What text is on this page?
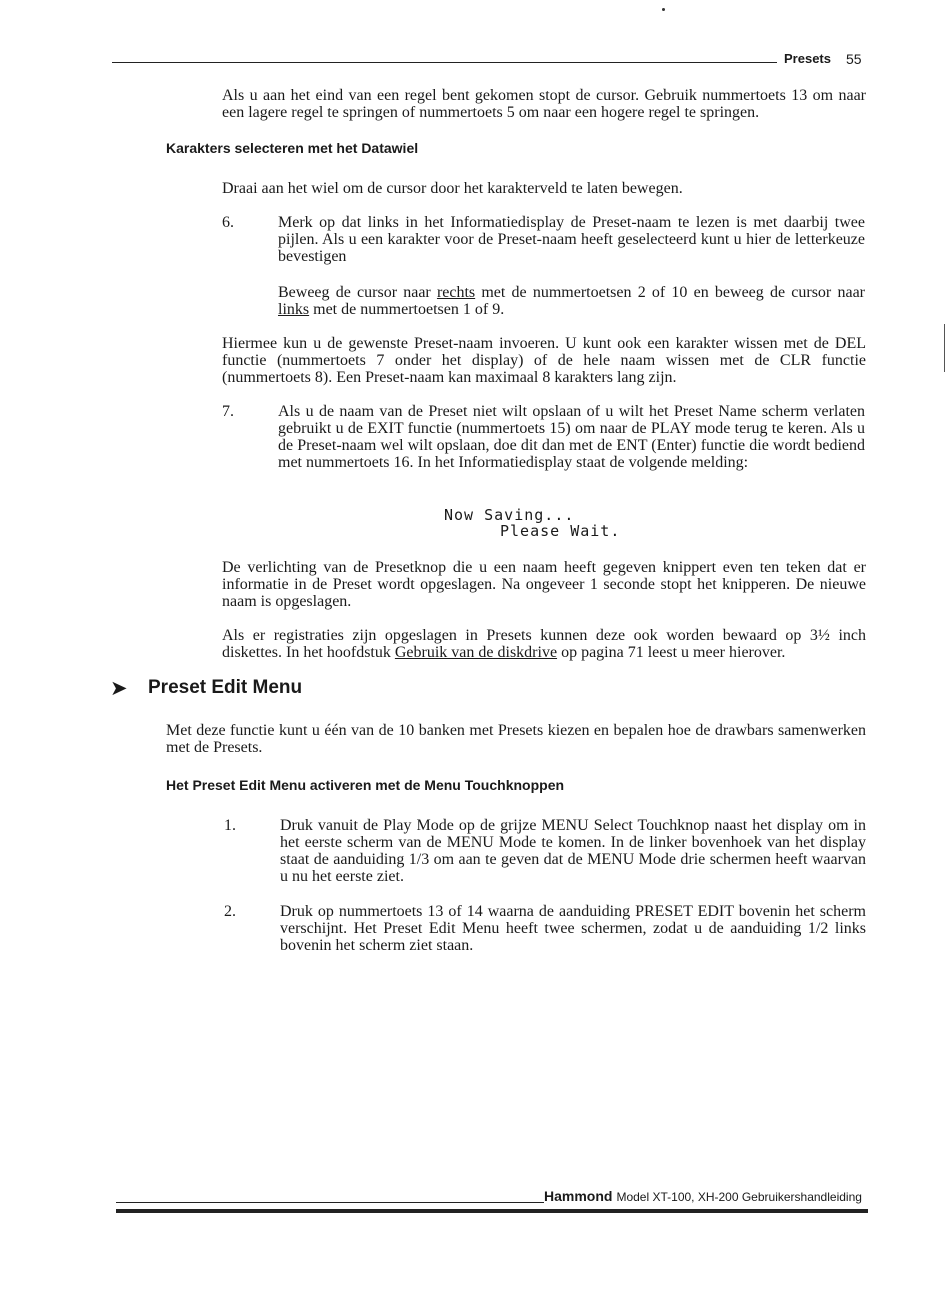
Presets 55
Als u aan het eind van een regel bent gekomen stopt de cursor. Gebruik nummertoets 13 om naar een lagere regel te springen of nummertoets 5 om naar een hogere regel te springen.
Karakters selecteren met het Datawiel
Draai aan het wiel om de cursor door het karakterveld te laten bewegen.
6.	Merk op dat links in het Informatiedisplay de Preset-naam te lezen is met daarbij twee pijlen. Als u een karakter voor de Preset-naam heeft geselecteerd kunt u hier de letterkeuze bevestigen
Beweeg de cursor naar rechts met de nummertoetsen 2 of 10 en beweeg de cursor naar links met de nummertoetsen 1 of 9.
Hiermee kun u de gewenste Preset-naam invoeren. U kunt ook een karakter wissen met de DEL functie (nummertoets 7 onder het display) of de hele naam wissen met de CLR functie (nummertoets 8). Een Preset-naam kan maximaal 8 karakters lang zijn.
7.	Als u de naam van de Preset niet wilt opslaan of u wilt het Preset Name scherm verlaten gebruikt u de EXIT functie (nummertoets 15) om naar de PLAY mode terug te keren. Als u de Preset-naam wel wilt opslaan, doe dit dan met de ENT (Enter) functie die wordt bediend met nummertoets 16. In het Informatiedisplay staat de volgende melding:
Now Saving...
Please Wait.
De verlichting van de Presetknop die u een naam heeft gegeven knippert even ten teken dat er informatie in de Preset wordt opgeslagen. Na ongeveer 1 seconde stopt het knipperen. De nieuwe naam is opgeslagen.
Als er registraties zijn opgeslagen in Presets kunnen deze ook worden bewaard op 3½ inch diskettes. In het hoofdstuk Gebruik van de diskdrive op pagina 71 leest u meer hierover.
➤ Preset Edit Menu
Met deze functie kunt u één van de 10 banken met Presets kiezen en bepalen hoe de drawbars samenwerken met de Presets.
Het Preset Edit Menu activeren met de Menu Touchknoppen
1.	Druk vanuit de Play Mode op de grijze MENU Select Touchknop naast het display om in het eerste scherm van de MENU Mode te komen. In de linker bovenhoek van het display staat de aanduiding 1/3 om aan te geven dat de MENU Mode drie schermen heeft waarvan u nu het eerste ziet.
2.	Druk op nummertoets 13 of 14 waarna de aanduiding PRESET EDIT bovenin het scherm verschijnt. Het Preset Edit Menu heeft twee schermen, zodat u de aanduiding 1/2 links bovenin het scherm ziet staan.
Hammond Model XT-100, XH-200 Gebruikershandleiding
